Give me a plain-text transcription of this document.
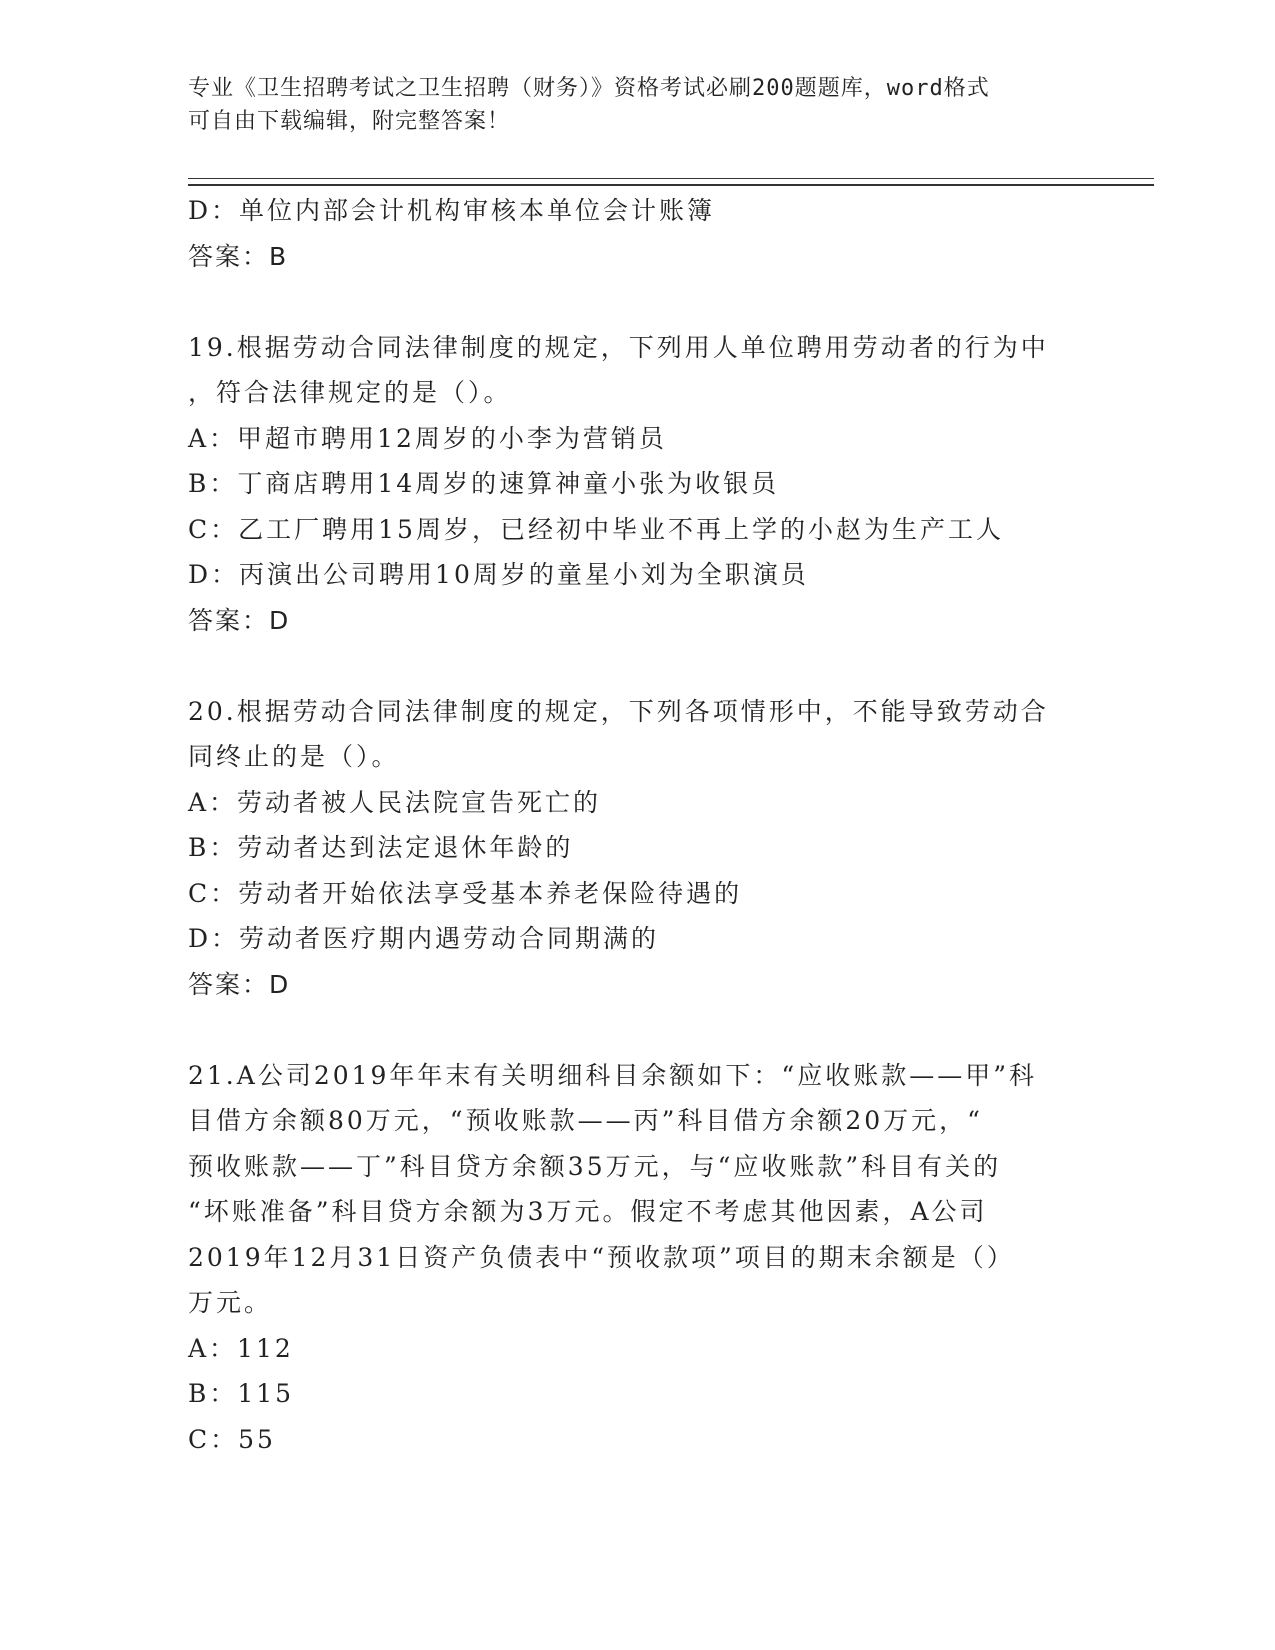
专业《卫生招聘考试之卫生招聘（财务）》资格考试必刷200题题库，word格式
可自由下载编辑，附完整答案！
D：单位内部会计机构审核本单位会计账簿
答案：B
19.根据劳动合同法律制度的规定，下列用人单位聘用劳动者的行为中
，符合法律规定的是（）。
A：甲超市聘用12周岁的小李为营销员
B：丁商店聘用14周岁的速算神童小张为收银员
C：乙工厂聘用15周岁，已经初中毕业不再上学的小赵为生产工人
D：丙演出公司聘用10周岁的童星小刘为全职演员
答案：D
20.根据劳动合同法律制度的规定，下列各项情形中，不能导致劳动合
同终止的是（）。
A：劳动者被人民法院宣告死亡的
B：劳动者达到法定退休年龄的
C：劳动者开始依法享受基本养老保险待遇的
D：劳动者医疗期内遇劳动合同期满的
答案：D
21.A公司2019年年末有关明细科目余额如下：“应收账款——甲”科
目借方余额80万元，“预收账款——丙”科目借方余额20万元，“
预收账款——丁”科目贷方余额35万元，与“应收账款”科目有关的
“坏账准备”科目贷方余额为3万元。假定不考虑其他因素，A公司
2019年12月31日资产负债表中“预收款项”项目的期末余额是（）
万元。
A：112
B：115
C：55
